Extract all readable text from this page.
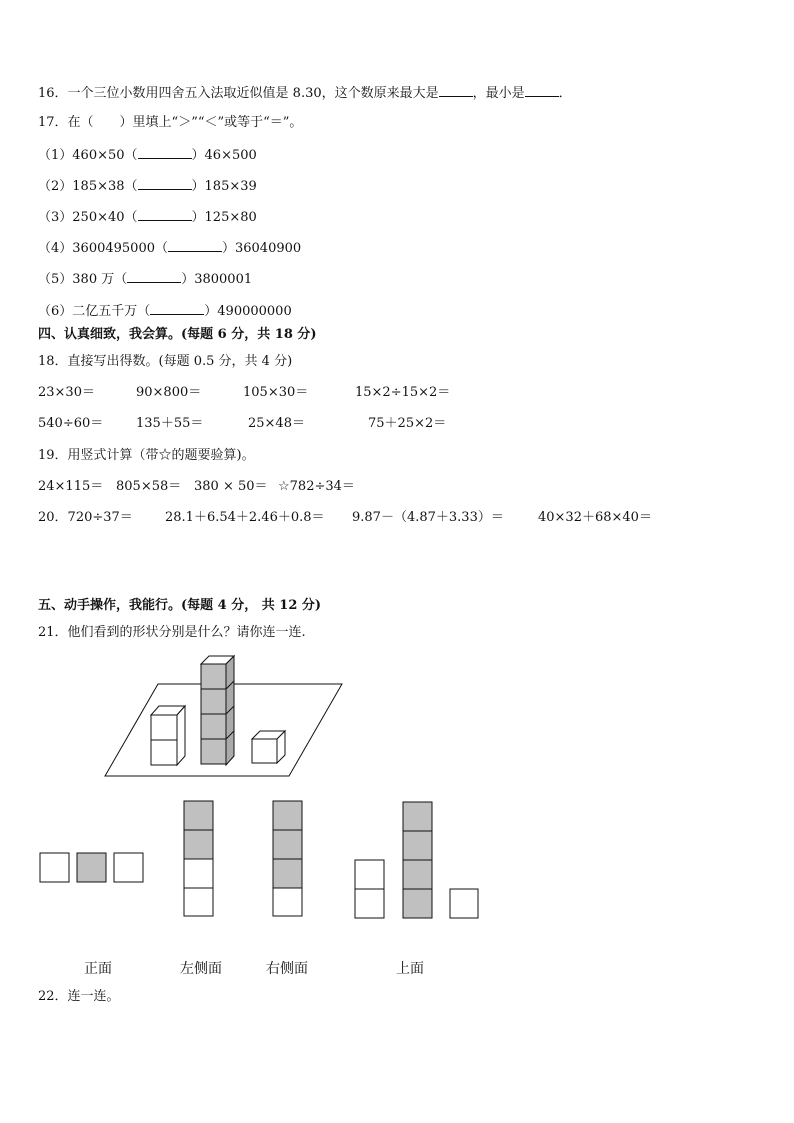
16．一个三位小数用四舍五入法取近似值是 8.30，这个数原来最大是	，最小是	．
17．在（　　）里填上“＞”“＜”或等于“＝”。
（1）460×50（	）46×500
（2）185×38（	）185×39
（3）250×40（	）125×80
（4）3600495000（	）36040900
（5）380 万（	）3800001
（6）二亿五千万（	）490000000
四、认真细致，我会算。(每题 6 分，共 18 分)
18．直接写出得数。(每题 0.5 分，共 4 分)
23×30＝	90×800＝	105×30＝	15×2÷15×2＝
540÷60＝	135＋55＝	25×48＝	75＋25×2＝
19．用竖式计算（带☆的题要验算)。
24×115＝ 805×58＝ 380 × 50＝ ☆782÷34＝
20．720÷37＝ 28.1＋6.54＋2.46＋0.8＝ 9.87－（4.87＋3.33）＝	40×32＋68×40＝
五、动手操作，我能行。(每题 4 分， 共 12 分)
21．他们看到的形状分别是什么？请你连一连.
正面	左侧面	右侧面	上面
22．连一连。
